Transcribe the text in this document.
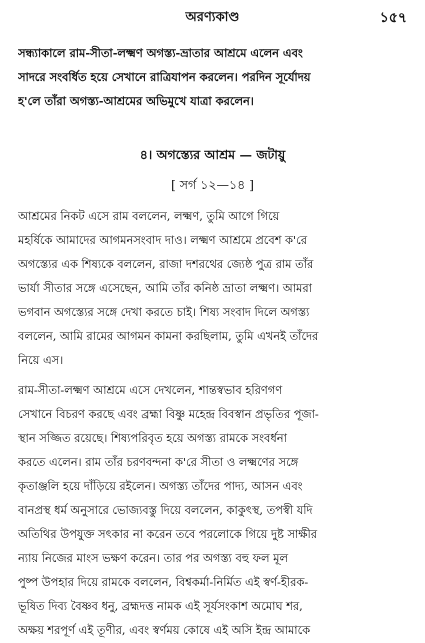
অরণ্যকাণ্ড	১৫৭
সন্ধ্যাকালে রাম-সীতা-লক্ষ্মণ অগস্ত্য-ভ্রাতার আশ্রমে এলেন এবং
সাদরে সংবর্ধিত হয়ে সেখানে রাত্রিযাপন করলেন। পরদিন সূর্যোদয়
হ'লে তাঁরা অগস্ত্য-আশ্রমের অভিমুখে যাত্রা করলেন।
৪। অগস্ত্যের আশ্রম — জটায়ু
[ সর্গ ১২—১৪ ]
আশ্রমের নিকট এসে রাম বললেন, লক্ষ্মণ, তুমি আগে গিয়ে
মহর্ষিকে আমাদের আগমনসংবাদ দাও। লক্ষ্মণ আশ্রমে প্রবেশ ক'রে
অগস্ত্যের এক শিষ্যকে বললেন, রাজা দশরথের জ্যেষ্ঠ পুত্র রাম তাঁর
ভার্যা সীতার সঙ্গে এসেছেন, আমি তাঁর কনিষ্ঠ ভ্রাতা লক্ষ্মণ। আমরা
ভগবান অগস্ত্যের সঙ্গে দেখা করতে চাই। শিষ্য সংবাদ দিলে অগস্ত্য
বললেন, আমি রামের আগমন কামনা করছিলাম, তুমি এখনই তাঁদের
নিয়ে এস।
রাম-সীতা-লক্ষ্মণ আশ্রমে এসে দেখলেন, শান্তস্বভাব হরিণগণ
সেখানে বিচরণ করছে এবং ব্রহ্মা বিষ্ণু মহেন্দ্র বিবস্বান প্রভৃতির পূজা-
স্থান সজ্জিত রয়েছে। শিষ্যপরিবৃত হয়ে অগস্ত্য রামকে সংবর্ধনা
করতে এলেন। রাম তাঁর চরণবন্দনা ক'রে সীতা ও লক্ষ্মণের সঙ্গে
কৃতাঞ্জলি হয়ে দাঁড়িয়ে রইলেন। অগস্ত্য তাঁদের পাদ্য, আসন এবং
বানপ্রস্থ ধর্ম অনুসারে ভোজ্যবস্তু দিয়ে বললেন, কাকুৎস্থ, তপস্বী যদি
অতিথির উপযুক্ত সৎকার না করেন তবে পরলোকে গিয়ে দুষ্ট সাক্ষীর
ন্যায় নিজের মাংস ভক্ষণ করেন। তার পর অগস্ত্য বহু ফল মূল
পুষ্প উপহার দিয়ে রামকে বললেন, বিশ্বকর্মা-নির্মিত এই স্বর্ণ-হীরক-
ভূষিত দিব্য বৈষ্ণব ধনু, ব্রহ্মদত্ত নামক এই সূর্যসংকাশ অমোঘ শর,
অক্ষয় শরপূর্ণ এই তূণীর, এবং স্বর্ণময় কোষে এই অসি ইন্দ্র আমাকে
